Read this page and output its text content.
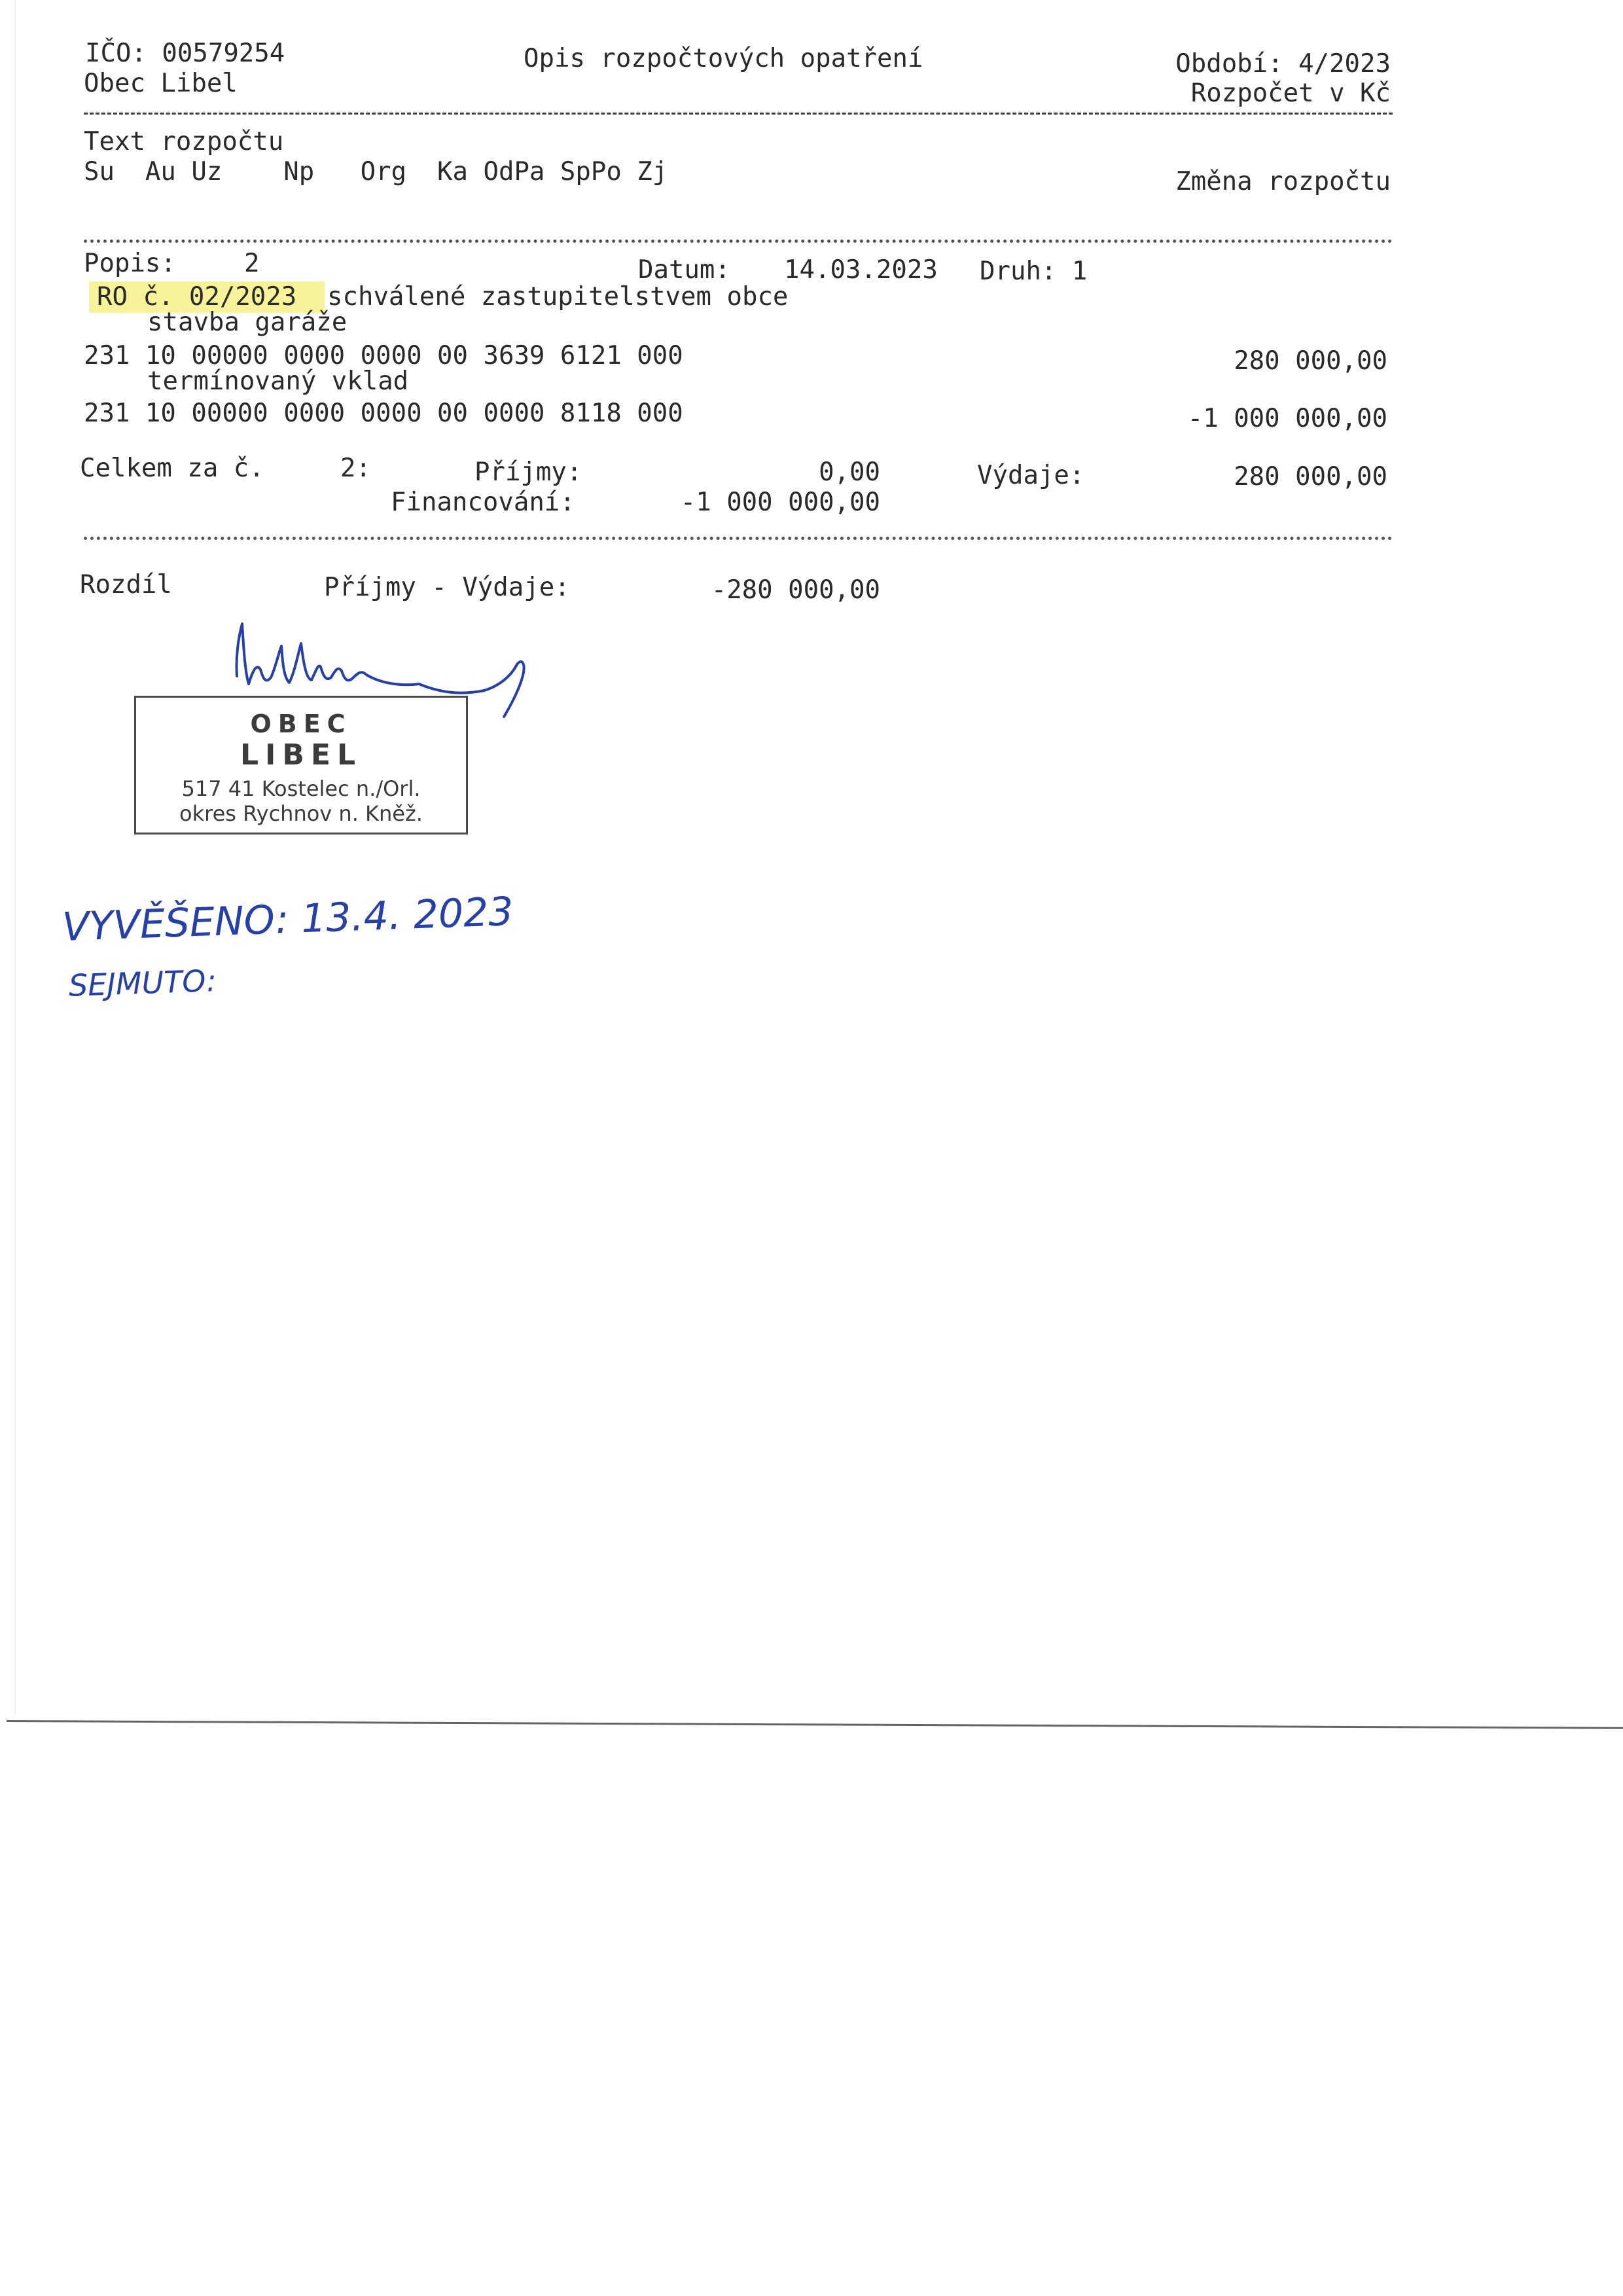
IČO: 00579254
Obec Libel
Opis rozpočtových opatření	Období: 4/2023
Rozpočet v Kč
Text rozpočtu
Su  Au Uz    Np   Org  Ka OdPa SpPo Zj	Změna rozpočtu
Popis:	2	Datum: 14.03.2023 Druh: 1
RO č. 02/2023 schválené zastupitelstvem obce
stavba garáže
231 10 00000 0000 0000 00 3639 6121 000	280 000,00
termínovaný vklad
231 10 00000 0000 0000 00 0000 8118 000	-1 000 000,00
Celkem za č.	2:	Příjmy:	0,00	Výdaje:	280 000,00
Financování:	-1 000 000,00
Rozdíl	Příjmy - Výdaje:	-280 000,00
OBEC
LIBEL
517 41 Kostelec n./Orl.
okres Rychnov n. Kněž.
VYVĚŠENO: 13.4. 2023
SEJMUTO:
